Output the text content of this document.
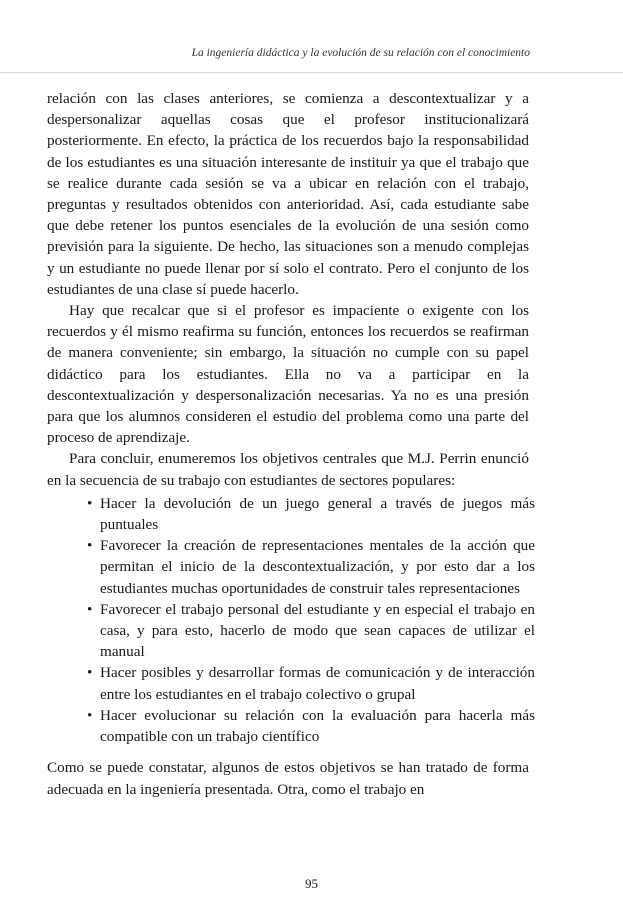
La ingeniería didáctica y la evolución de su relación con el conocimiento

relación con las clases anteriores, se comienza a descontextualizar y a despersonalizar aquellas cosas que el profesor institucionalizará posteriormente. En efecto, la práctica de los recuerdos bajo la responsabilidad de los estudiantes es una situación interesante de instituir ya que el trabajo que se realice durante cada sesión se va a ubicar en relación con el trabajo, preguntas y resultados obtenidos con anterioridad. Así, cada estudiante sabe que debe retener los puntos esenciales de la evolución de una sesión como previsión para la siguiente. De hecho, las situaciones son a menudo complejas y un estudiante no puede llenar por sí solo el contrato. Pero el conjunto de los estudiantes de una clase sí puede hacerlo.

Hay que recalcar que si el profesor es impaciente o exigente con los recuerdos y él mismo reafirma su función, entonces los recuerdos se reafirman de manera conveniente; sin embargo, la situación no cumple con su papel didáctico para los estudiantes. Ella no va a participar en la descontextualización y despersonalización necesarias. Ya no es una presión para que los alumnos consideren el estudio del problema como una parte del proceso de aprendizaje.

Para concluir, enumeremos los objetivos centrales que M.J. Perrin enunció en la secuencia de su trabajo con estudiantes de sectores populares:

• Hacer la devolución de un juego general a través de juegos más puntuales
• Favorecer la creación de representaciones mentales de la acción que permitan el inicio de la descontextualización, y por esto dar a los estudiantes muchas oportunidades de construir tales representaciones
• Favorecer el trabajo personal del estudiante y en especial el trabajo en casa, y para esto, hacerlo de modo que sean capaces de utilizar el manual
• Hacer posibles y desarrollar formas de comunicación y de interacción entre los estudiantes en el trabajo colectivo o grupal
• Hacer evolucionar su relación con la evaluación para hacerla más compatible con un trabajo científico

Como se puede constatar, algunos de estos objetivos se han tratado de forma adecuada en la ingeniería presentada. Otra, como el trabajo en

95
